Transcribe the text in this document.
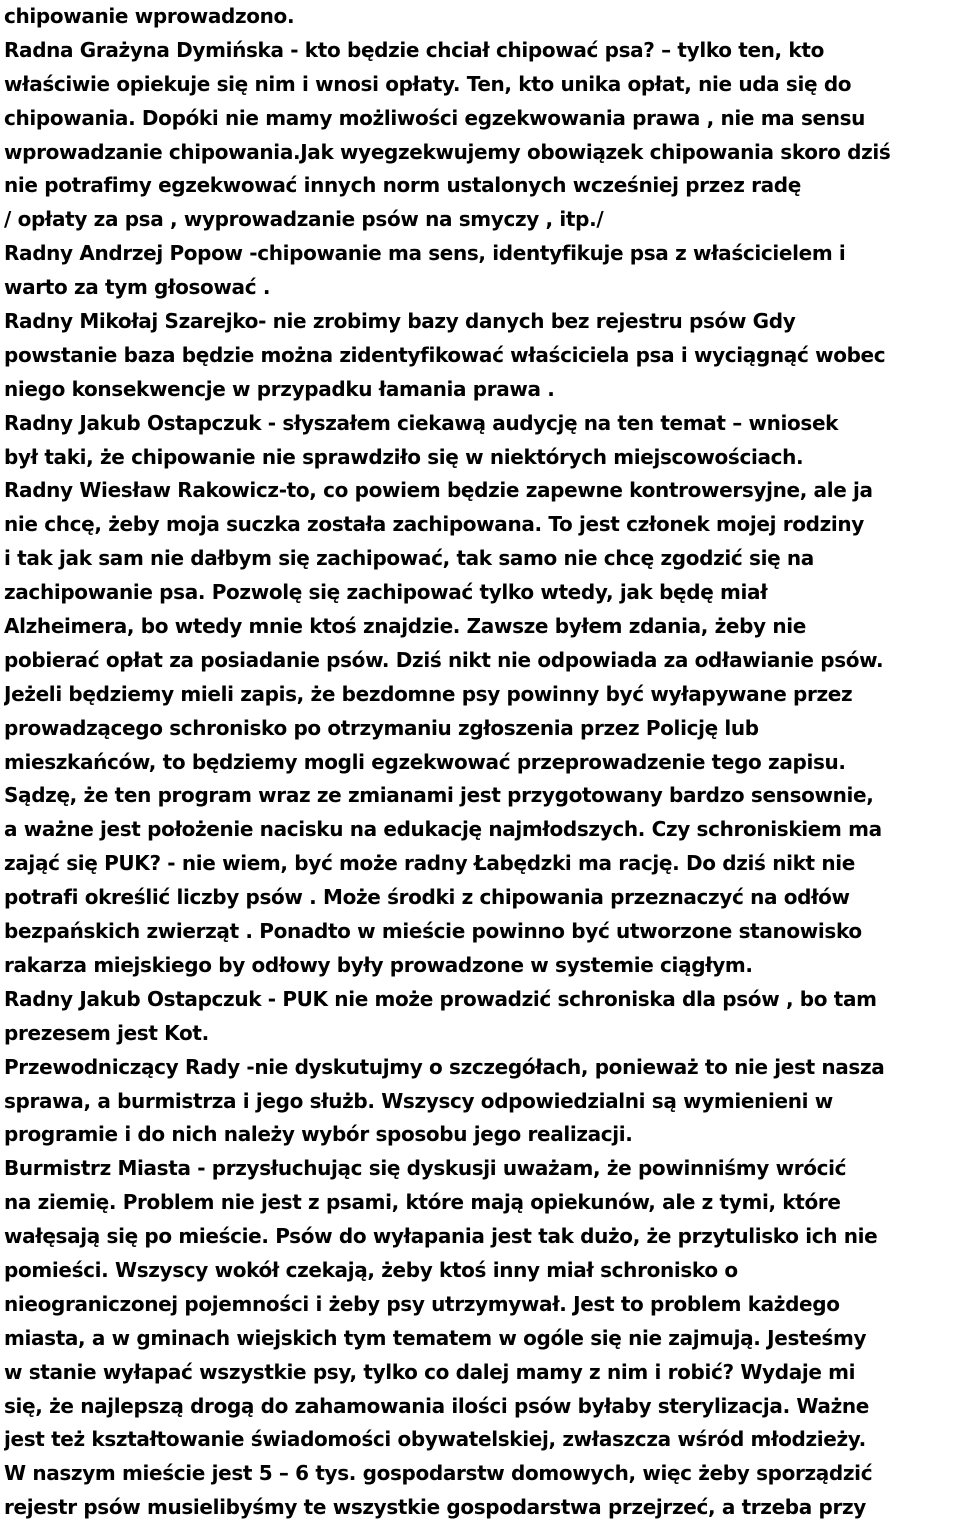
chipowanie wprowadzono.
Radna Grażyna Dymińska - kto będzie chciał chipować psa? – tylko ten, kto
właściwie opiekuje się nim i wnosi opłaty. Ten, kto unika opłat, nie uda się do
chipowania. Dopóki nie mamy możliwości egzekwowania prawa , nie ma sensu
wprowadzanie chipowania.Jak wyegzekwujemy obowiązek chipowania skoro dziś
nie potrafimy egzekwować innych norm ustalonych wcześniej przez radę
/ opłaty za psa , wyprowadzanie psów na smyczy , itp./
Radny Andrzej Popow -chipowanie ma sens, identyfikuje psa z właścicielem i
warto za tym głosować .
Radny Mikołaj Szarejko- nie zrobimy bazy danych bez rejestru psów Gdy
powstanie baza będzie można zidentyfikować właściciela psa i wyciągnąć wobec
niego konsekwencje w przypadku łamania prawa .
Radny Jakub Ostapczuk - słyszałem ciekawą audycję na ten temat – wniosek
był taki, że chipowanie nie sprawdziło się w niektórych miejscowościach.
Radny Wiesław Rakowicz-to, co powiem będzie zapewne kontrowersyjne, ale ja
nie chcę, żeby moja suczka została zachipowana. To jest członek mojej rodziny
i tak jak sam nie dałbym się zachipować, tak samo nie chcę zgodzić się na
zachipowanie psa. Pozwolę się zachipować tylko wtedy, jak będę miał
Alzheimera, bo wtedy mnie ktoś znajdzie. Zawsze byłem zdania, żeby nie
pobierać opłat za posiadanie psów. Dziś nikt nie odpowiada za odławianie psów.
Jeżeli będziemy mieli zapis, że bezdomne psy powinny być wyłapywane przez
prowadzącego schronisko po otrzymaniu zgłoszenia przez Policję lub
mieszkańców, to będziemy mogli egzekwować przeprowadzenie tego zapisu.
Sądzę, że ten program wraz ze zmianami jest przygotowany bardzo sensownie,
a ważne jest położenie nacisku na edukację najmłodszych. Czy schroniskiem ma
zająć się PUK? - nie wiem, być może radny Łabędzki ma rację. Do dziś nikt nie
potrafi określić liczby psów . Może środki z chipowania przeznaczyć na odłów
bezpańskich zwierząt . Ponadto w mieście powinno być utworzone stanowisko
rakarza miejskiego by odłowy były prowadzone w systemie ciągłym.
Radny Jakub Ostapczuk - PUK nie może prowadzić schroniska dla psów , bo tam
prezesem jest Kot.
Przewodniczący Rady -nie dyskutujmy o szczegółach, ponieważ to nie jest nasza
sprawa, a burmistrza i jego służb. Wszyscy odpowiedzialni są wymienieni w
programie i do nich należy wybór sposobu jego realizacji.
Burmistrz Miasta - przysłuchując się dyskusji uważam, że powinniśmy wrócić
na ziemię. Problem nie jest z psami, które mają opiekunów, ale z tymi, które
wałęsają się po mieście. Psów do wyłapania jest tak dużo, że przytulisko ich nie
pomieści. Wszyscy wokół czekają, żeby ktoś inny miał schronisko o
nieograniczonej pojemności i żeby psy utrzymywał. Jest to problem każdego
miasta, a w gminach wiejskich tym tematem w ogóle się nie zajmują. Jesteśmy
w stanie wyłapać wszystkie psy, tylko co dalej mamy z nim i robić? Wydaje mi
się, że najlepszą drogą do zahamowania ilości psów byłaby sterylizacja. Ważne
jest też kształtowanie świadomości obywatelskiej, zwłaszcza wśród młodzieży.
W naszym mieście jest 5 – 6 tys. gospodarstw domowych, więc żeby sporządzić
rejestr psów musielibyśmy te wszystkie gospodarstwa przejrzeć, a trzeba przy
